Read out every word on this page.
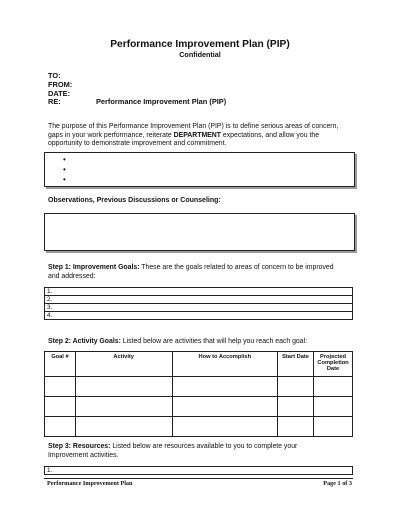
Performance Improvement Plan (PIP)
Confidential
TO:
FROM:
DATE:
RE:	Performance Improvement Plan (PIP)
The purpose of this Performance Improvement Plan (PIP) is to define serious areas of concern,
gaps in your work performance, reiterate DEPARTMENT expectations, and allow you the
opportunity to demonstrate improvement and commitment.
•
•
•
Observations, Previous Discussions or Counseling:
Step 1: Improvement Goals: These are the goals related to areas of concern to be improved
and addressed:
1.
2.
3.
4.
Step 2: Activity Goals: Listed below are activities that will help you reach each goal:
Goal #	Activity	How to Accomplish	Start Date	Projected Completion Date

Step 3: Resources: Listed below are resources available to you to complete your
Improvement activities.
1.
Performance Improvement Plan	Page 1 of 3
